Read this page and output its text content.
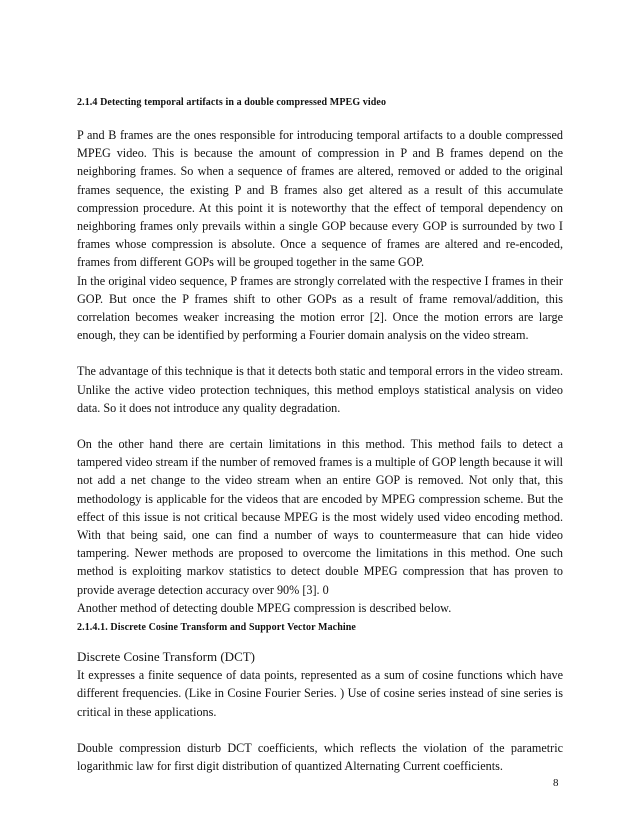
2.1.4 Detecting temporal artifacts in a double compressed MPEG video

P and B frames are the ones responsible for introducing temporal artifacts to a double compressed MPEG video. This is because the amount of compression in P and B frames depend on the neighboring frames. So when a sequence of frames are altered, removed or added to the original frames sequence, the existing P and B frames also get altered as a result of this accumulate compression procedure. At this point it is noteworthy that the effect of temporal dependency on neighboring frames only prevails within a single GOP because every GOP is surrounded by two I frames whose compression is absolute. Once a sequence of frames are altered and re-encoded, frames from different GOPs will be grouped together in the same GOP.

In the original video sequence, P frames are strongly correlated with the respective I frames in their GOP. But once the P frames shift to other GOPs as a result of frame removal/addition, this correlation becomes weaker increasing the motion error [2]. Once the motion errors are large enough, they can be identified by performing a Fourier domain analysis on the video stream.

The advantage of this technique is that it detects both static and temporal errors in the video stream. Unlike the active video protection techniques, this method employs statistical analysis on video data. So it does not introduce any quality degradation.

On the other hand there are certain limitations in this method. This method fails to detect a tampered video stream if the number of removed frames is a multiple of GOP length because it will not add a net change to the video stream when an entire GOP is removed. Not only that, this methodology is applicable for the videos that are encoded by MPEG compression scheme. But the effect of this issue is not critical because MPEG is the most widely used video encoding method. With that being said, one can find a number of ways to countermeasure that can hide video tampering. Newer methods are proposed to overcome the limitations in this method. One such method is exploiting markov statistics to detect double MPEG compression that has proven to provide average detection accuracy over 90% [3]. 0

Another method of detecting double MPEG compression is described below.

2.1.4.1. Discrete Cosine Transform and Support Vector Machine

Discrete Cosine Transform (DCT)

It expresses a finite sequence of data points, represented as a sum of cosine functions which have different frequencies. (Like in Cosine Fourier Series. ) Use of cosine series instead of sine series is critical in these applications.

Double compression disturb DCT coefficients, which reflects the violation of the parametric logarithmic law for first digit distribution of quantized Alternating Current coefficients.

8
